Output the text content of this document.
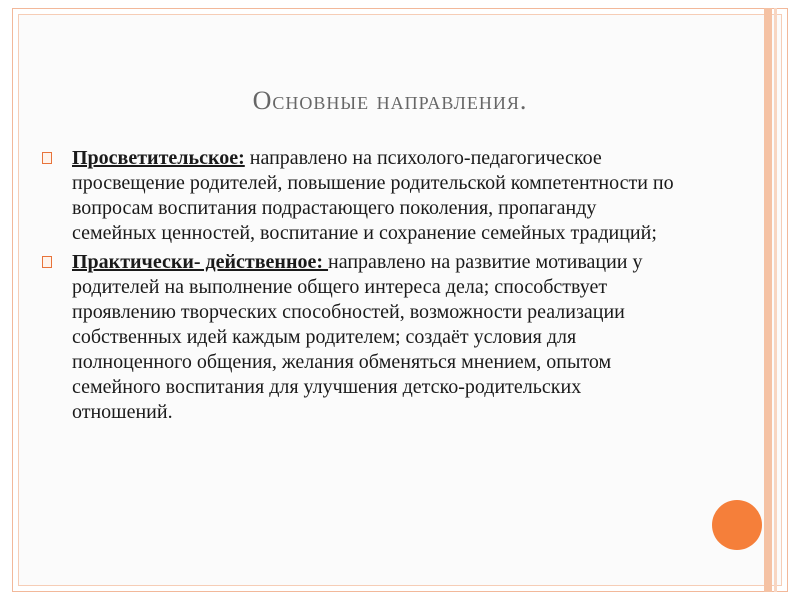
Основные направления.
Просветительское: направлено на психолого-педагогическое просвещение родителей, повышение родительской компетентности по вопросам воспитания подрастающего поколения, пропаганду семейных ценностей, воспитание и сохранение семейных традиций;
Практически- действенное: направлено на развитие мотивации у родителей на выполнение общего интереса дела; способствует проявлению творческих способностей, возможности реализации собственных идей каждым родителем; создаёт условия для полноценного общения, желания обменяться мнением, опытом семейного воспитания для улучшения детско-родительских отношений.
